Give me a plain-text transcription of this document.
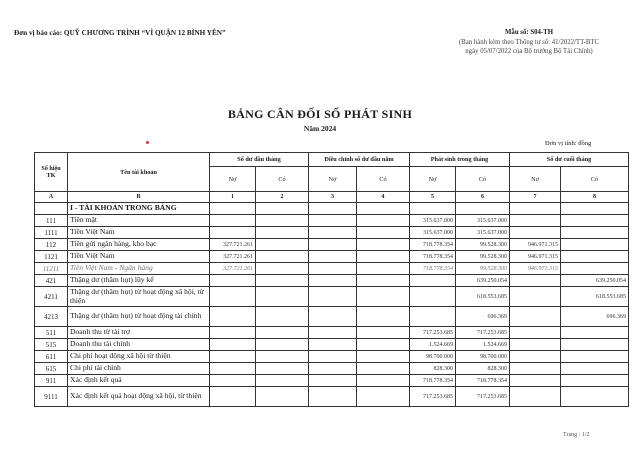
Đơn vị báo cáo: QUỸ CHƯƠNG TRÌNH “VÌ QUẬN 12 BÌNH YÊN”	Mẫu số: S04-TH
(Ban hành kèm theo Thông tư số: 41/2022/TT-BTC
ngày 05/07/2022 của Bộ trưởng Bộ Tài Chính)
BẢNG CÂN ĐỐI SỐ PHÁT SINH
Năm 2024
Đơn vị tính: đồng
Số hiệu TK	Tên tài khoản	Số dư đầu tháng		Điều chỉnh số dư đầu năm		Phát sinh trong tháng		Số dư cuối tháng	
		Nợ	Có	Nợ	Có	Nợ	Có	Nợ	Có
A	B	1	2	3	4	5	6	7	8
	I - TÀI KHOẢN TRONG BẢNG								
111	Tiền mặt					315.637.000	315.637.000		
1111	Tiền Việt Nam					315.637.000	315.637.000		
112	Tiền gửi ngân hàng, kho bạc	327.721.261				718.778.354	99.528.300	946.971.315	
1121	Tiền Việt Nam	327.721.261				718.778.354	99.528.300	946.971.315	
11211	Tiền Việt Nam - Ngân hàng	327.721.261				718.778.354	99.528.300	946.971.315	
421	Thặng dư (thâm hụt) lũy kế						639.250.054		639.250.054
4211	Thặng dư (thâm hụt) từ hoạt động xã hội, từ thiện						618.553.685		618.553.685
4213	Thặng dư (thâm hụt) từ hoạt động tài chính						696.369		696.369
511	Doanh thu từ tài trợ					717.253.685	717.253.685		
515	Doanh thu tài chính					1.524.669	1.524.669		
611	Chi phí hoạt động xã hội từ thiện					98.700.000	98.700.000		
615	Chi phí tài chính					828.300	828.300		
911	Xác định kết quả					718.778.354	718.778.354		
9111	Xác định kết quả hoạt động xã hội, từ thiện					717.253.685	717.253.685		
Trang : 1/2
